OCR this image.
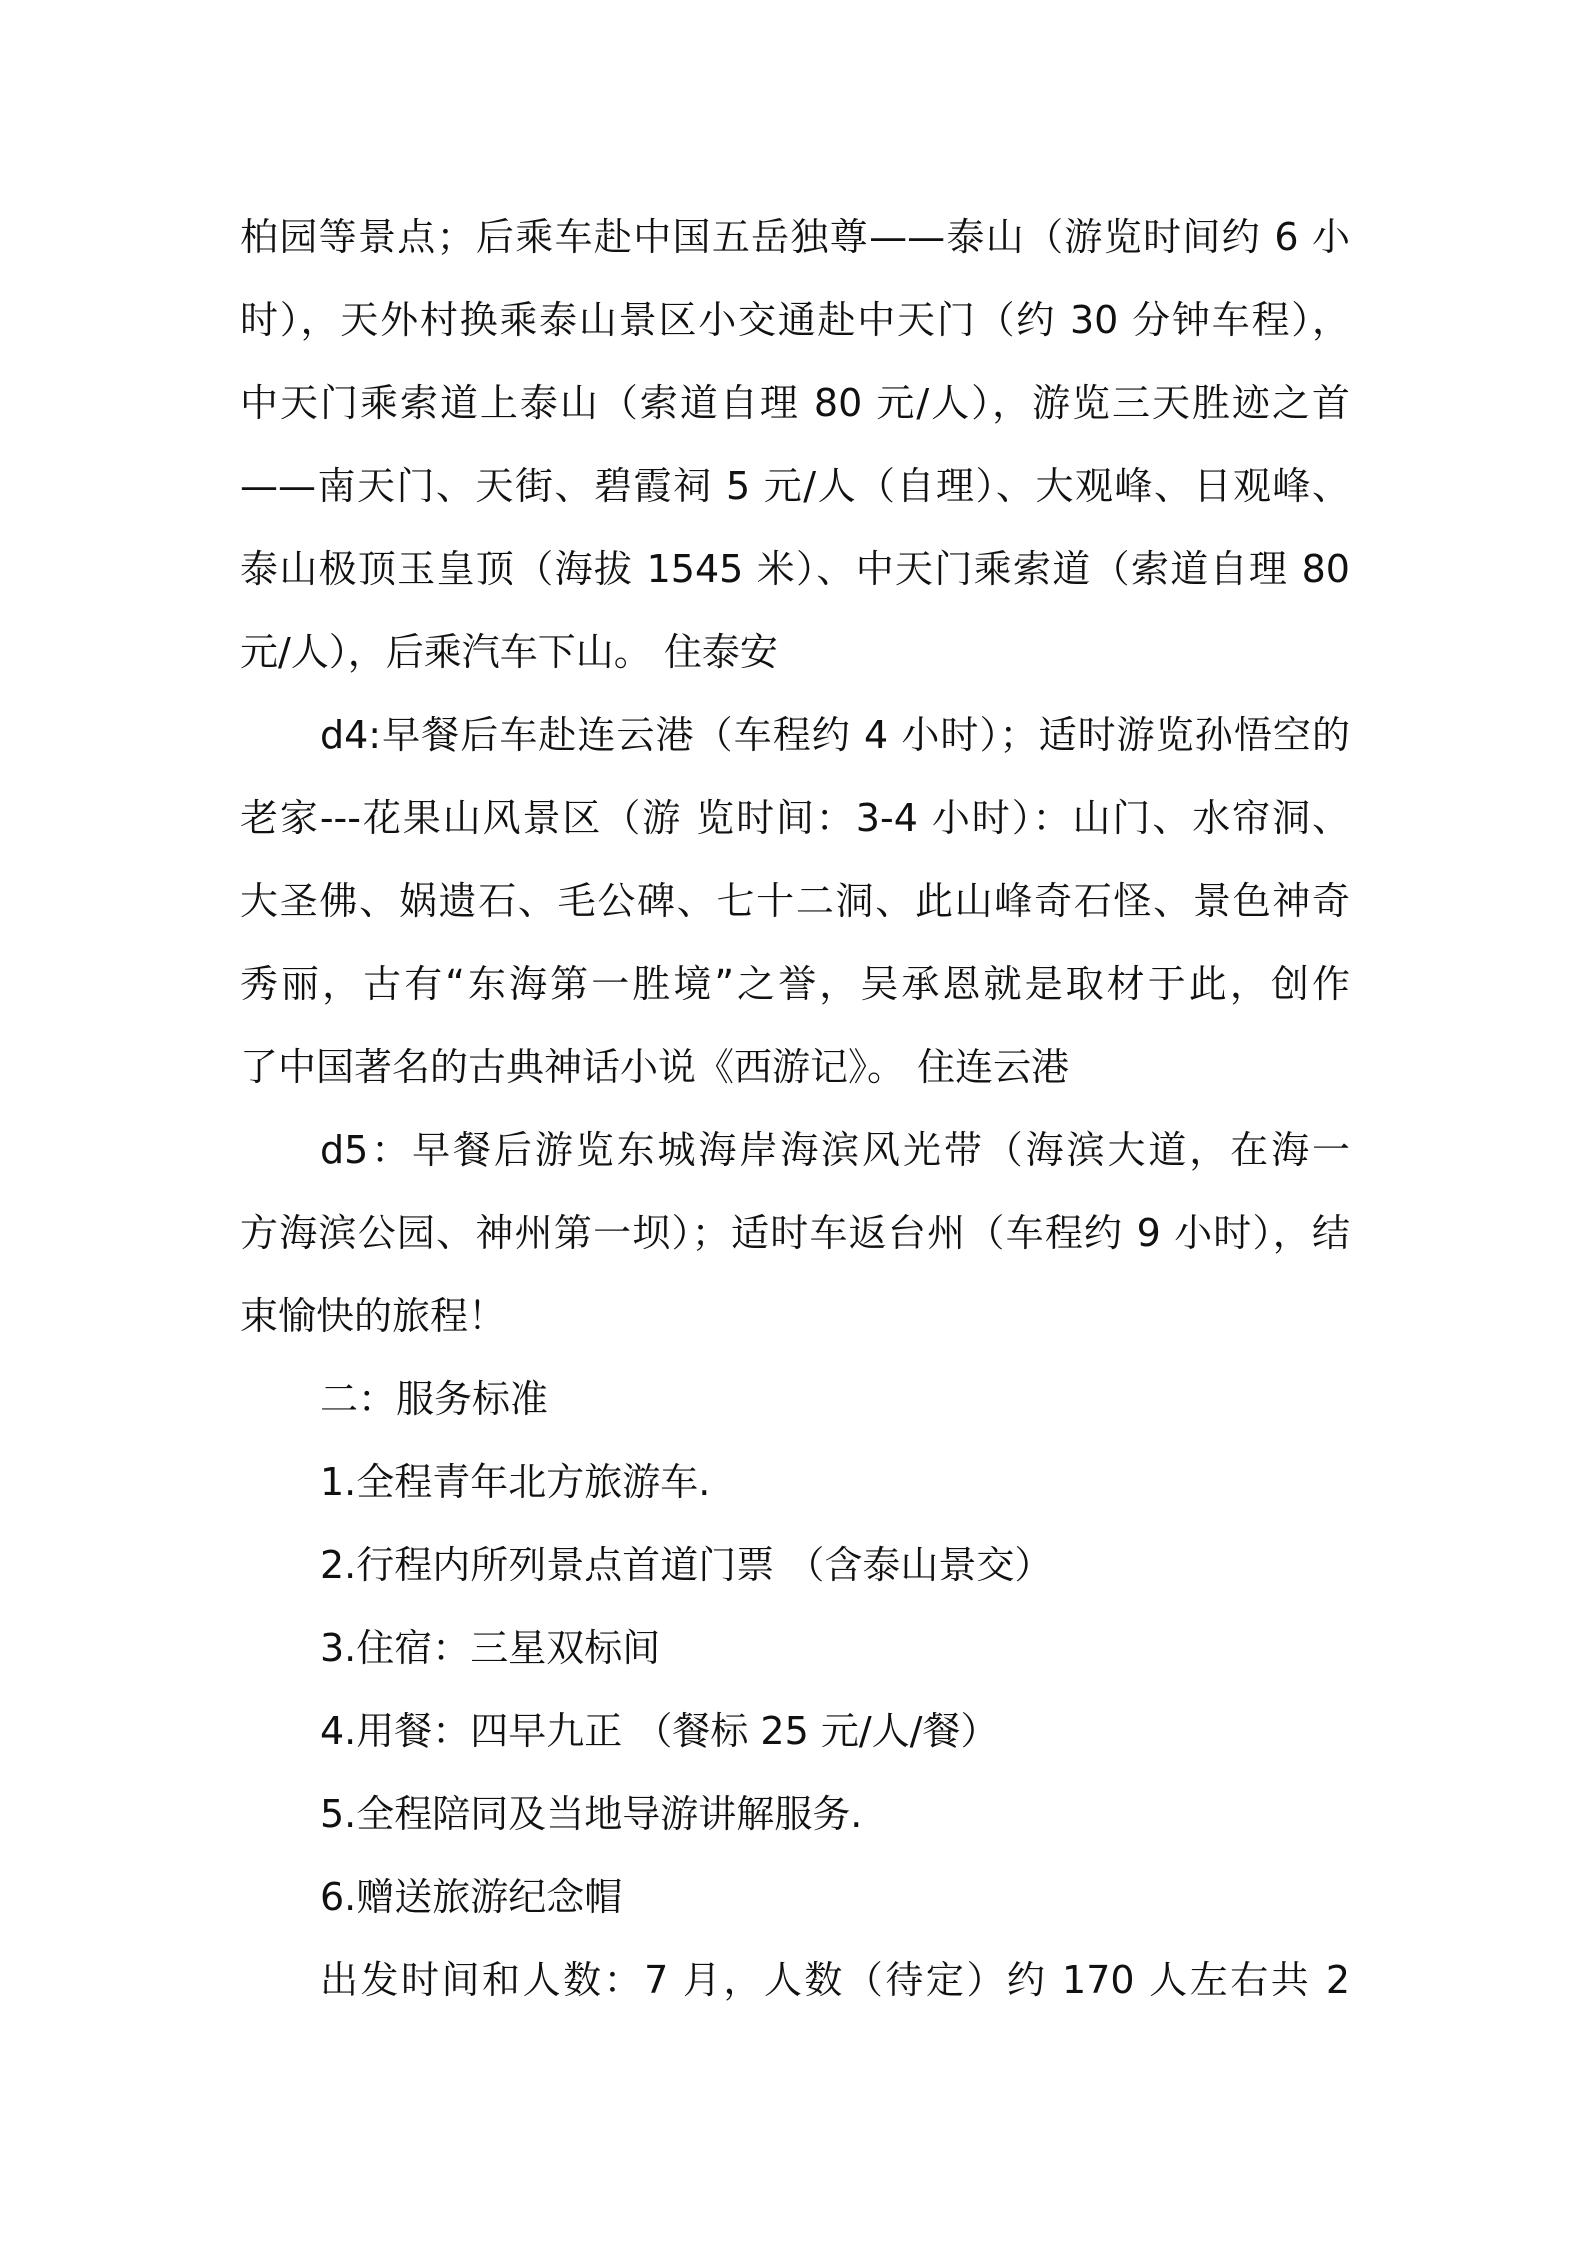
柏园等景点；后乘车赴中国五岳独尊——泰山（游览时间约 6 小
时），天外村换乘泰山景区小交通赴中天门（约 30 分钟车程），
中天门乘索道上泰山（索道自理 80 元/人），游览三天胜迹之首
——南天门、天街、碧霞祠 5 元/人（自理）、大观峰、日观峰、
泰山极顶玉皇顶（海拔 1545 米）、中天门乘索道（索道自理 80
元/人），后乘汽车下山。 住泰安
d4:早餐后车赴连云港（车程约 4 小时）；适时游览孙悟空的
老家---花果山风景区（游 览时间：3-4 小时）：山门、水帘洞、
大圣佛、娲遗石、毛公碑、七十二洞、此山峰奇石怪、景色神奇
秀丽，古有“东海第一胜境”之誉，吴承恩就是取材于此，创作
了中国著名的古典神话小说《西游记》。 住连云港
d5：早餐后游览东城海岸海滨风光带（海滨大道，在海一
方海滨公园、神州第一坝）；适时车返台州（车程约 9 小时），结
束愉快的旅程！
二：服务标准
1.全程青年北方旅游车.
2.行程内所列景点首道门票 （含泰山景交）
3.住宿：三星双标间
4.用餐：四早九正 （餐标 25 元/人/餐）
5.全程陪同及当地导游讲解服务.
6.赠送旅游纪念帽
出发时间和人数：7 月，人数（待定）约 170 人左右共 2
